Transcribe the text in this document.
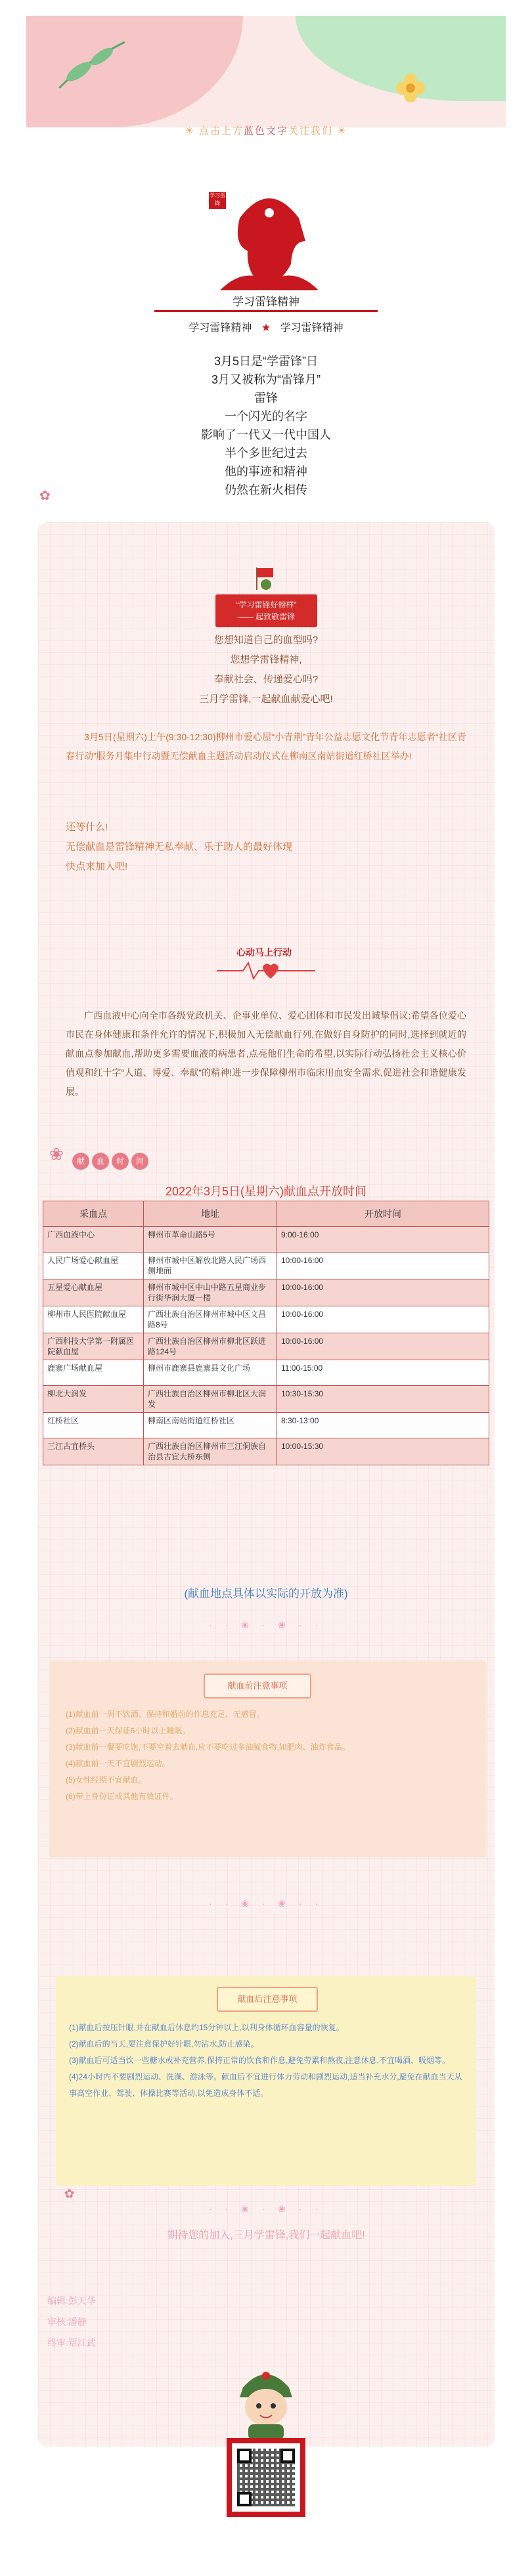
☀ 点击上方蓝色文字关注我们 ☀
学习雷锋
学习雷锋精神
学习雷锋精神 ★ 学习雷锋精神
3月5日是“学雷锋”日
3月又被称为“雷锋月”
雷锋
一个闪光的名字
影响了一代又一代中国人
半个多世纪过去
他的事迹和精神
仍然在新火相传
✿
“学习雷锋好榜样”
—— 起致敬雷锋
您想知道自己的血型吗?
您想学雷锋精神,
奉献社会、传递爱心吗?
三月学雷锋,一起献血献爱心吧!
3月5日(星期六)上午(9:30-12:30)柳州市爱心屋“小青荆”青年公益志愿文化节青年志愿者“社区青春行动”服务月集中行动暨无偿献血主题活动启动仪式在柳南区南站街道红桥社区举办!
还等什么!
无偿献血是雷锋精神无私奉献、乐于助人的最好体现
快点来加入吧!
心动马上行动
广西血液中心向全市各级党政机关、企事业单位、爱心团体和市民发出诚挚倡议:希望各位爱心市民在身体健康和条件允许的情况下,积极加入无偿献血行列,在做好自身防护的同时,选择到就近的献血点参加献血,帮助更多需要血液的病患者,点亮他们生命的希望,以实际行动弘扬社会主义核心价值观和红十字“人道、博爱、奉献”的精神!进一步保障柳州市临床用血安全需求,促进社会和谐健康发展。
❀	献 血 时 间
2022年3月5日(星期六)献血点开放时间
采血点	地址	开放时间
广西血液中心	柳州市革命山路5号	9:00-16:00
人民广场爱心献血屋	柳州市城中区解放北路人民广场西侧地面	10:00-16:00
五星爱心献血屋	柳州市城中区中山中路五星商业步行街华润大厦一楼	10:00-16:00
柳州市人民医院献血屋	广西壮族自治区柳州市城中区文昌路8号	10:00-16:00
广西科技大学第一附属医院献血屋	广西壮族自治区柳州市柳北区跃进路124号	10:00-16:00
鹿寨广场献血屋	柳州市鹿寨县鹿寨县文化广场	11:00-15:00
柳北大润发	广西壮族自治区柳州市柳北区大润发	10:30-15:30
红桥社区	柳南区南站街道红桥社区	8:30-13:00
三江古宜桥头	广西壮族自治区柳州市三江侗族自治县古宜大桥东侧	10:00-15:30
(献血地点具体以实际的开放为准)
· · ❀ · ❀ · ·
献血前注意事项
(1)献血前一周不饮酒、保持和婚前的作息充足、无感冒。
(2)献血前一天保证6小时以上睡眠。
(3)献血前一餐要吃饱,不要空着去献血,应不要吃过多油腻食物,如肥肉、油炸食品。
(4)献血前一天不宜剧烈运动。
(5)女性经期不宜献血。
(6)带上身份证或其他有效证件。
· · ❀ · ❀ · ·
献血后注意事项
(1)献血后按压针眼,并在献血后休息约15分钟以上,以利身体循环血容量的恢复。
(2)献血后的当天,要注意保护好针眼,勿沾水,防止感染。
(3)献血后可适当饮一些糖水或补充营养,保持正常的饮食和作息,避免劳累和熬夜,注意休息,不宜喝酒、吸烟等。
(4)24小时内不要剧烈运动、洗澡、游泳等。献血后不宜进行体力劳动和剧烈运动,适当补充水分,避免在献血当天从事高空作业、驾驶、体操比赛等活动,以免造成身体不适。
✿
· · ❀ · ❀ · ·
期待您的加入,三月学雷锋,我们一起献血吧!
编辑:彭天华
审核:潘静
终审:覃江武
